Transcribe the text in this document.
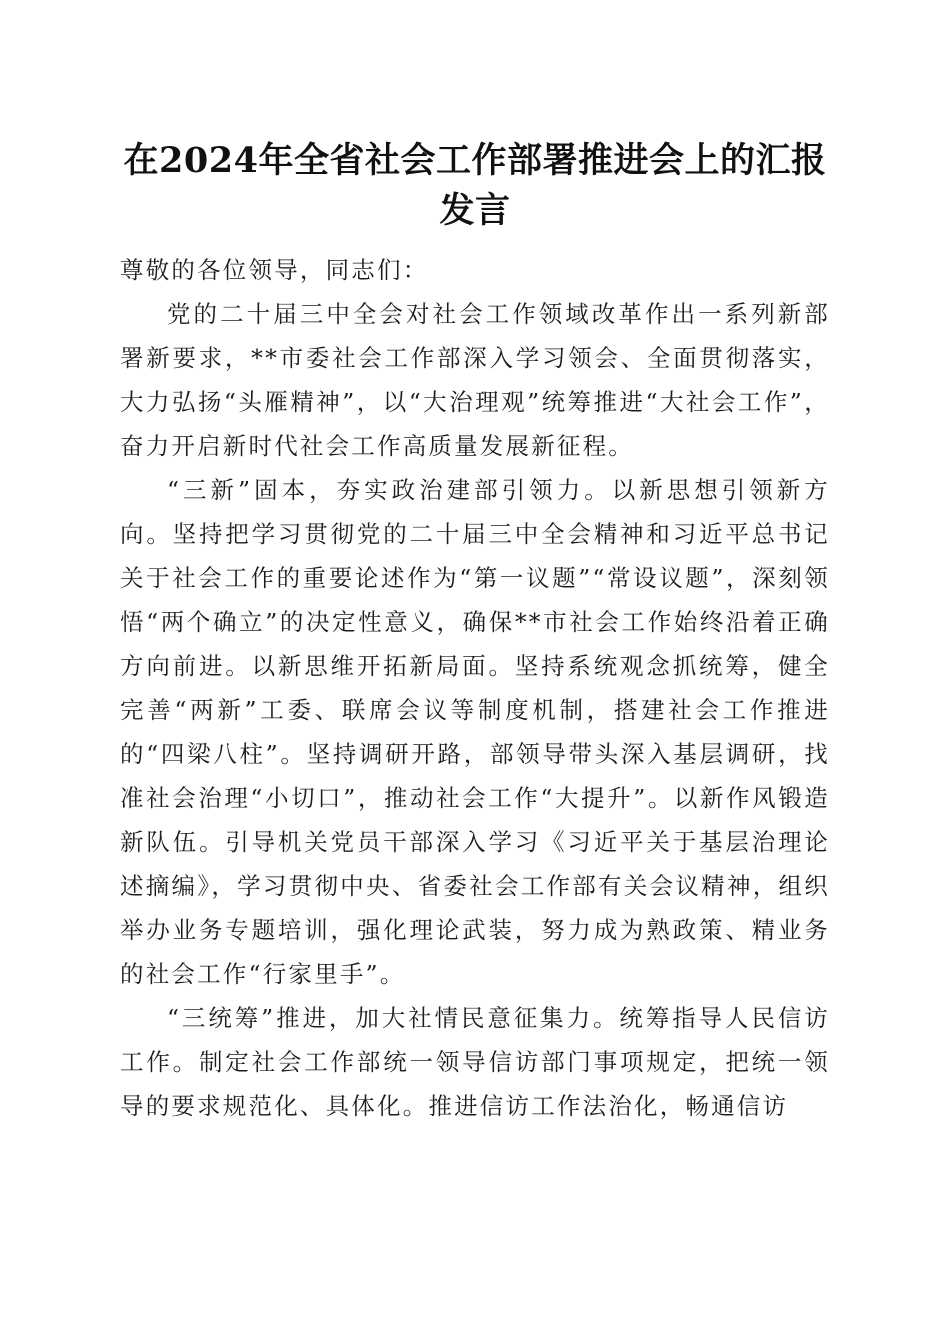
在2024年全省社会工作部署推进会上的汇报发言

尊敬的各位领导，同志们：

党的二十届三中全会对社会工作领域改革作出一系列新部署新要求，**市委社会工作部深入学习领会、全面贯彻落实，大力弘扬“头雁精神”，以“大治理观”统筹推进“大社会工作”，奋力开启新时代社会工作高质量发展新征程。

“三新”固本，夯实政治建部引领力。以新思想引领新方向。坚持把学习贯彻党的二十届三中全会精神和习近平总书记关于社会工作的重要论述作为“第一议题”“常设议题”，深刻领悟“两个确立”的决定性意义，确保**市社会工作始终沿着正确方向前进。以新思维开拓新局面。坚持系统观念抓统筹，健全完善“两新”工委、联席会议等制度机制，搭建社会工作推进的“四梁八柱”。坚持调研开路，部领导带头深入基层调研，找准社会治理“小切口”，推动社会工作“大提升”。以新作风锻造新队伍。引导机关党员干部深入学习《习近平关于基层治理论述摘编》，学习贯彻中央、省委社会工作部有关会议精神，组织举办业务专题培训，强化理论武装，努力成为熟政策、精业务的社会工作“行家里手”。

“三统筹”推进，加大社情民意征集力。统筹指导人民信访工作。制定社会工作部统一领导信访部门事项规定，把统一领导的要求规范化、具体化。推进信访工作法治化，畅通信访
